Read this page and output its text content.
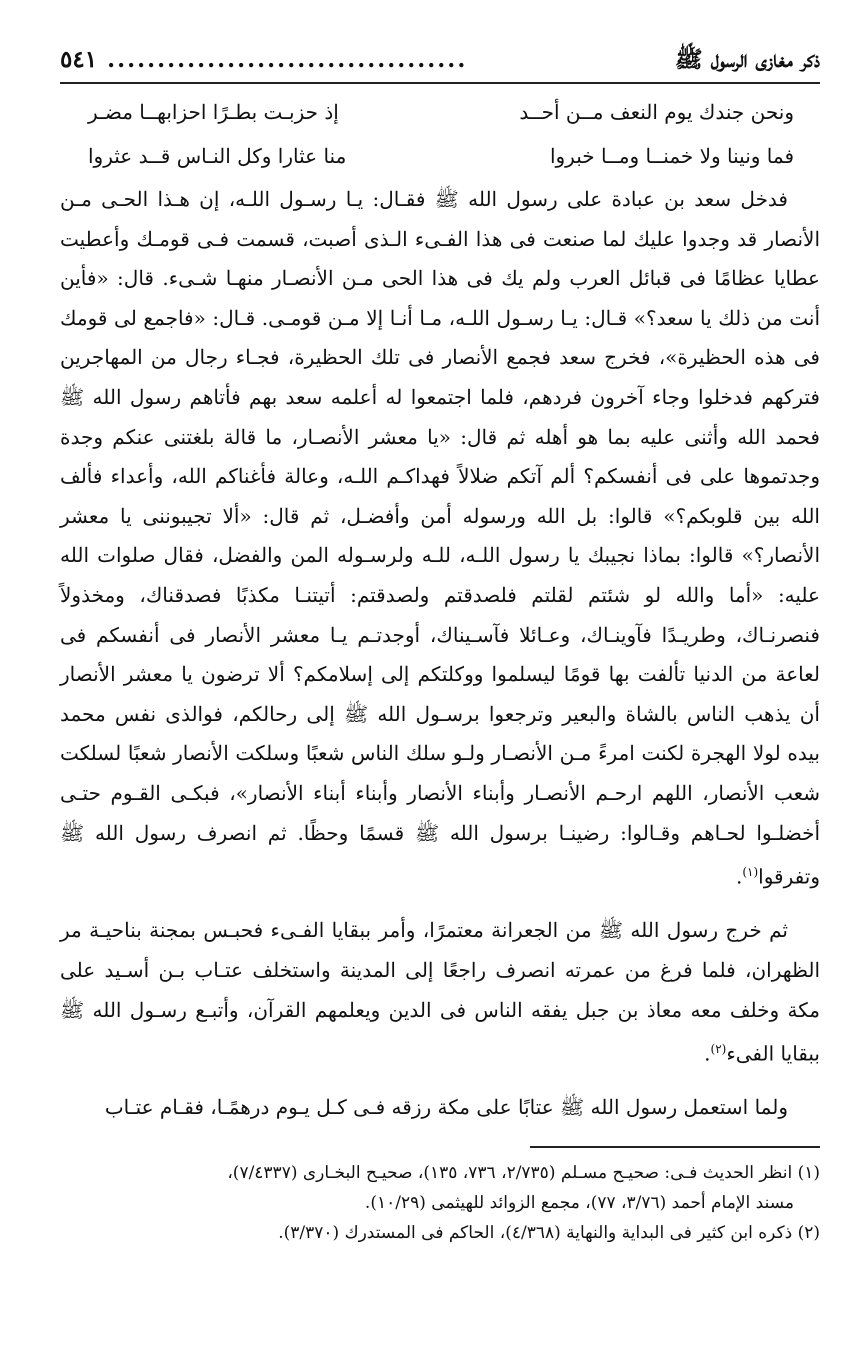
ذكر مغازى الرسول ﷺ
....................................
٥٤١
ونحن جندك يوم النعف مــن أحــد
إذ حزبـت بطـرًا احزابهــا مضـر
فما ونينا ولا خمنــا ومــا خبروا
منا عثارا وكل النـاس قــد عثروا

فدخل سعد بن عبادة على رسول الله ﷺ فقـال: يـا رسـول اللـه، إن هـذا الحـى مـن الأنصار قد وجدوا عليك لما صنعت فى هذا الفـىء الـذى أصبت، قسمت فـى قومـك وأعطيت عطايا عظامًا فى قبائل العرب ولم يك فى هذا الحى مـن الأنصـار منهـا شـىء. قال: «فأين أنت من ذلك يا سعد؟» قـال: يـا رسـول اللـه، مـا أنـا إلا مـن قومـى. قـال: «فاجمع لى قومك فى هذه الحظيرة»، فخرج سعد فجمع الأنصار فى تلك الحظيرة، فجـاء رجال من المهاجرين فتركهم فدخلوا وجاء آخرون فردهم، فلما اجتمعوا له أعلمه سعد بهم فأتاهم رسول الله ﷺ فحمد الله وأثنى عليه بما هو أهله ثم قال: «يا معشر الأنصـار، ما قالة بلغتنى عنكم وجدة وجدتموها على فى أنفسكم؟ ألم آتكم ضلالاً فهداكـم اللـه، وعالة فأغناكم الله، وأعداء فألف الله بين قلوبكم؟» قالوا: بل الله ورسوله أمن وأفضـل، ثم قال: «ألا تجيبوننى يا معشر الأنصار؟» قالوا: بماذا نجيبك يا رسول اللـه، للـه ولرسـوله المن والفضل، فقال صلوات الله عليه: «أما والله لو شئتم لقلتم فلصدقتم ولصدقتم: أتيتنـا مكذبًا فصدقناك، ومخذولاً فنصرنـاك، وطريـدًا فآوينـاك، وعـائلا فآسـيناك، أوجدتـم يـا معشر الأنصار فى أنفسكم فى لعاعة من الدنيا تألفت بها قومًا ليسلموا ووكلتكم إلى إسلامكم؟ ألا ترضون يا معشر الأنصار أن يذهب الناس بالشاة والبعير وترجعوا برسـول الله ﷺ إلى رحالكم، فوالذى نفس محمد بيده لولا الهجرة لكنت امرءً مـن الأنصـار ولـو سلك الناس شعبًا وسلكت الأنصار شعبًا لسلكت شعب الأنصار، اللهم ارحـم الأنصـار وأبناء الأنصار وأبناء أبناء الأنصار»، فبكـى القـوم حتـى أخضلـوا لحـاهم وقـالوا: رضينـا برسول الله ﷺ قسمًا وحظًا. ثم انصرف رسول الله ﷺ وتفرقوا$^{(١)}$.

ثم خرج رسول الله ﷺ من الجعرانة معتمرًا، وأمر ببقايا الفـىء فحبـس بمجنة بناحيـة مر الظهران، فلما فرغ من عمرته انصرف راجعًا إلى المدينة واستخلف عتـاب بـن أسـيد على مكة وخلف معه معاذ بن جبل يفقه الناس فى الدين ويعلمهم القرآن، وأتبـع رسـول الله ﷺ ببقايا الفىء$^{(٢)}$.

ولما استعمل رسول الله ﷺ عتابًا على مكة رزقه فـى كـل يـوم درهمًـا، فقـام عتـاب

(١) انظر الحديث فـى: صحيـح مسـلم (٢/٧٣٥، ٧٣٦، ١٣٥)، صحيـح البخـارى (٧/٤٣٣٧)،

مسند الإمام أحمد (٣/٧٦، ٧٧)، مجمع الزوائد للهيثمى (١٠/٢٩).

(٢) ذكره ابن كثير فى البداية والنهاية (٤/٣٦٨)، الحاكم فى المستدرك (٣/٣٧٠).
